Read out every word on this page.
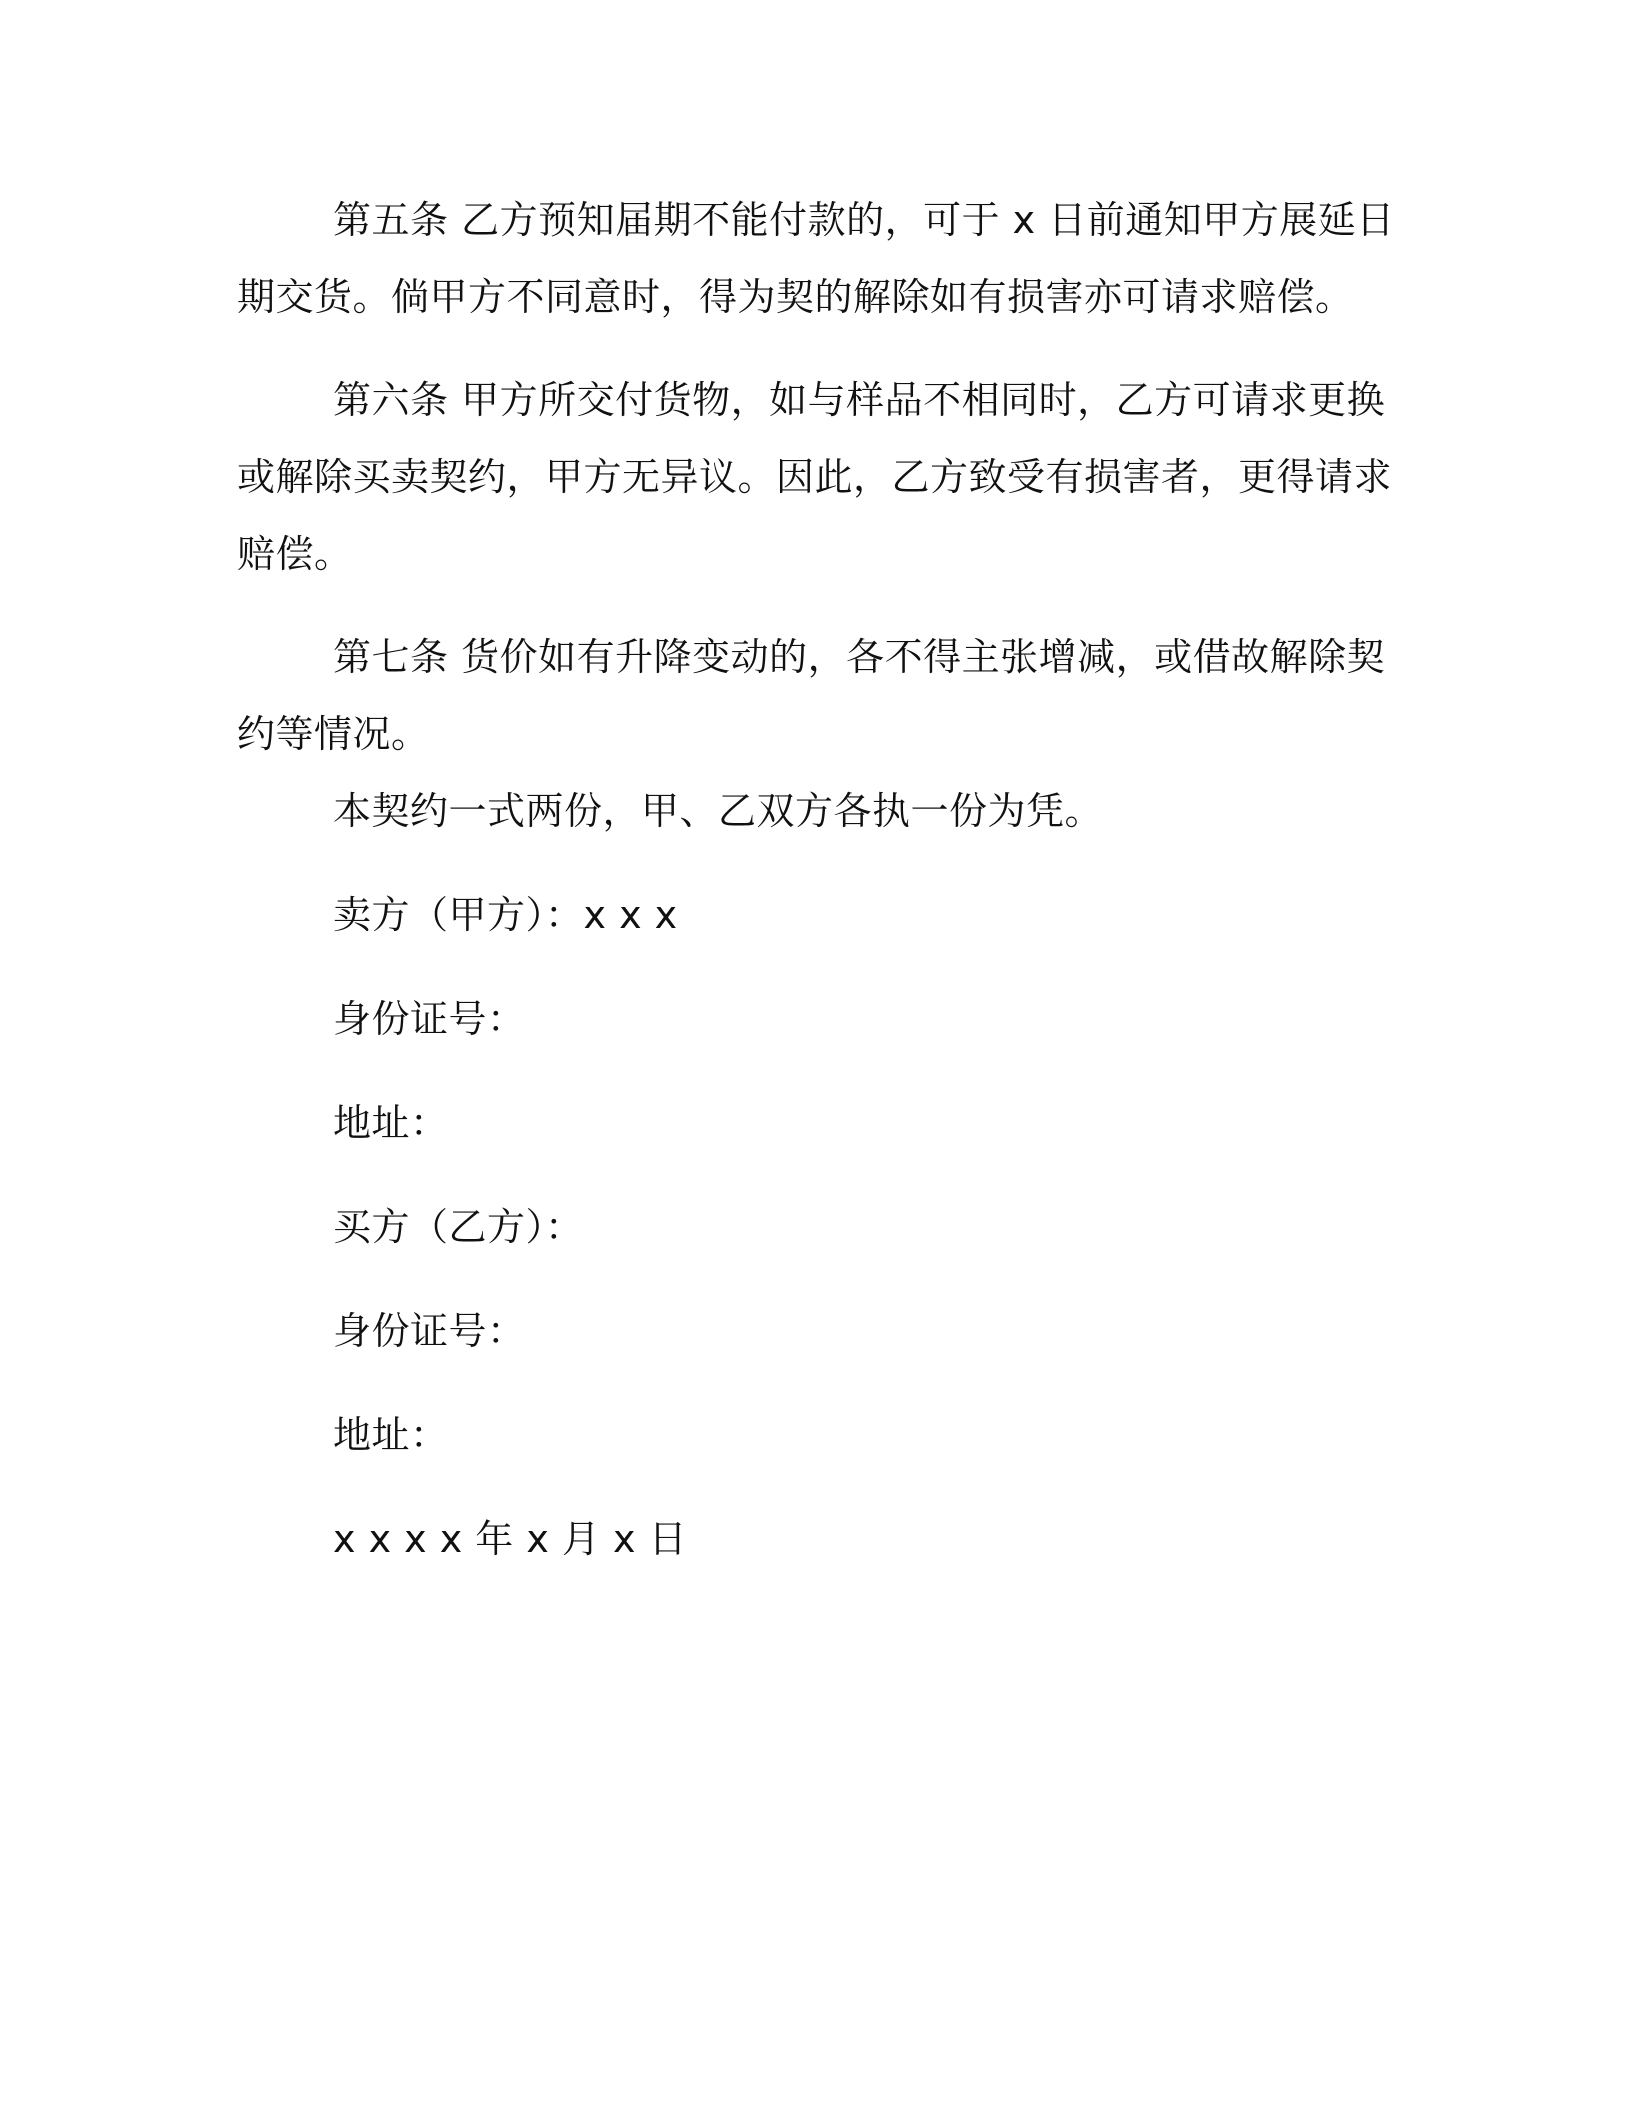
第五条 乙方预知届期不能付款的，可于 x 日前通知甲方展延日期交货。倘甲方不同意时，得为契的解除如有损害亦可请求赔偿。

第六条 甲方所交付货物，如与样品不相同时，乙方可请求更换或解除买卖契约，甲方无异议。因此，乙方致受有损害者，更得请求赔偿。

第七条 货价如有升降变动的，各不得主张增减，或借故解除契约等情况。

本契约一式两份，甲、乙双方各执一份为凭。

卖方（甲方）：x x x

身份证号：

地址：

买方（乙方）：

身份证号：

地址：

x x x x 年 x 月 x 日
